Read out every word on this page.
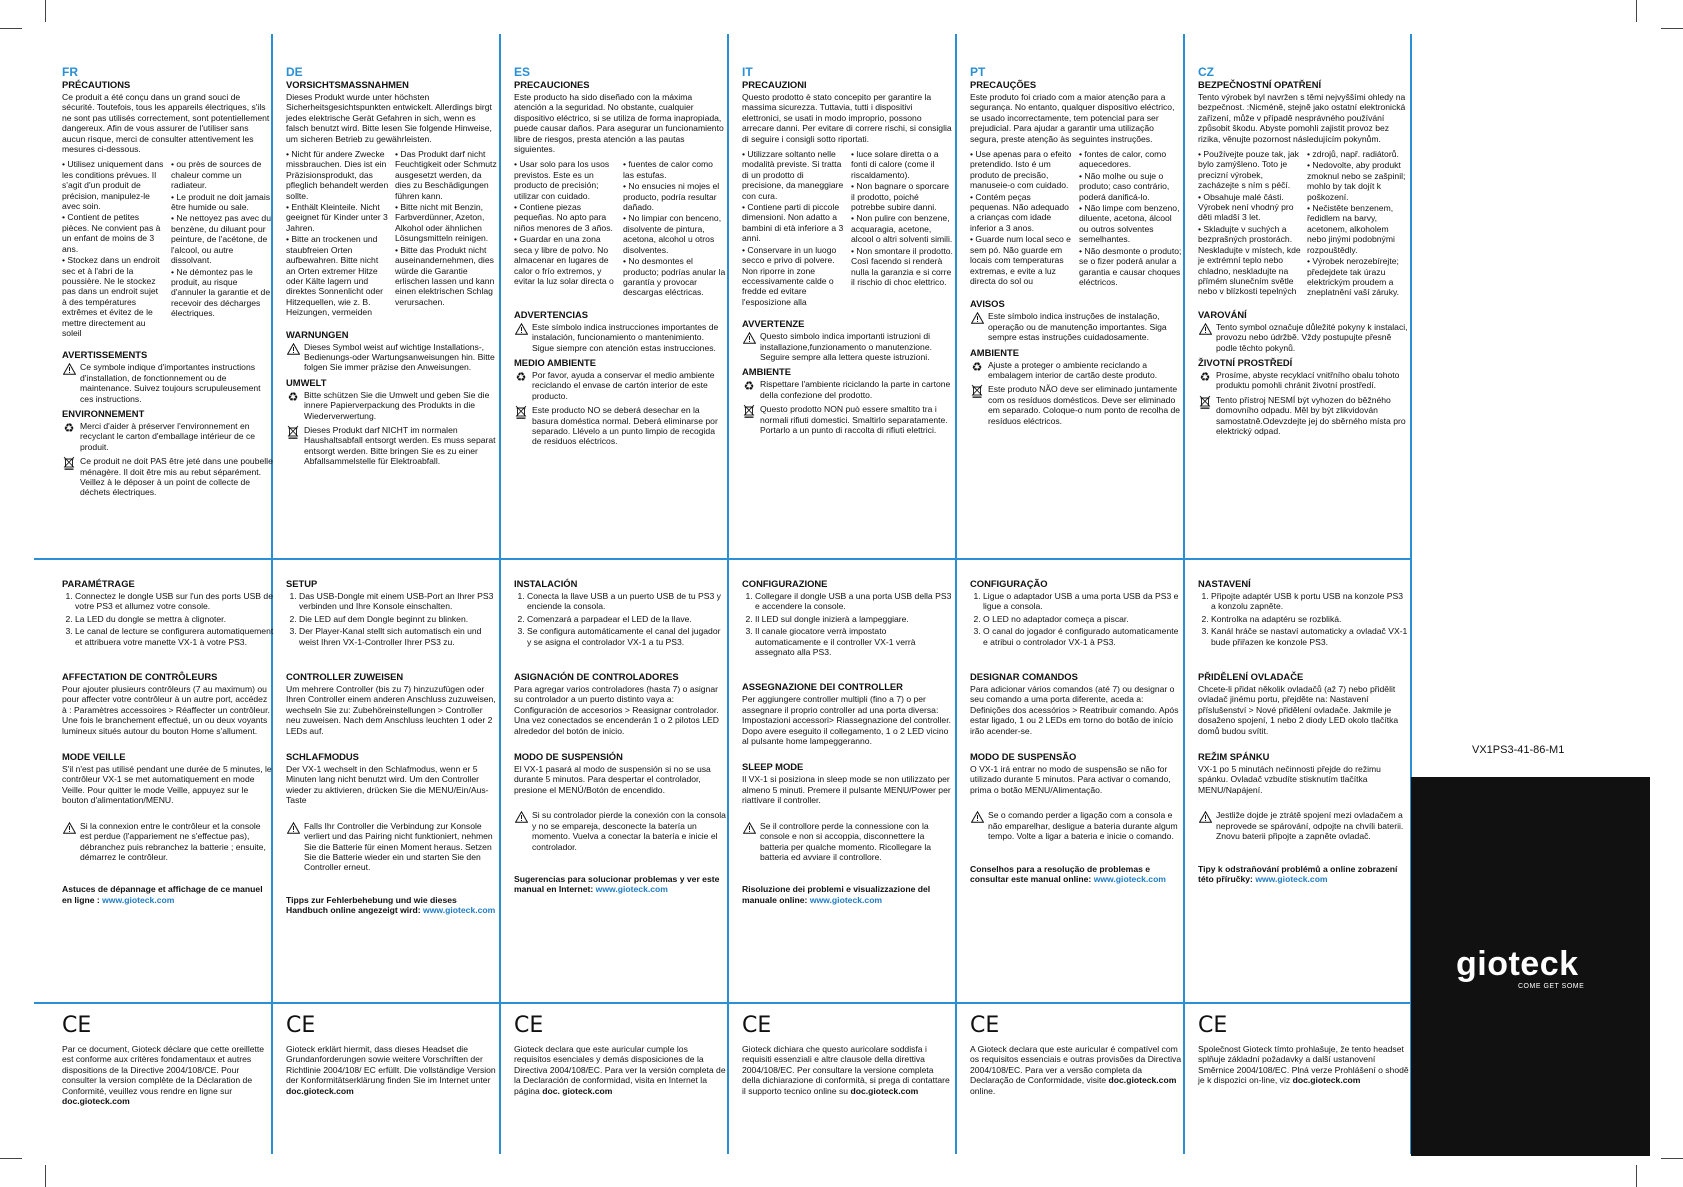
FR
PRÉCAUTIONS
Ce produit a été conçu dans un grand souci de sécurité. Toutefois, tous les appareils électriques, s'ils ne sont pas utilisés correctement, sont potentiellement dangereux. Afin de vous assurer de l'utiliser sans aucun risque, merci de consulter attentivement les mesures ci-dessous.
• Utilisez uniquement dans les conditions prévues. Il s'agit d'un produit de précision, manipulez-le avec soin.
• Contient de petites pièces. Ne convient pas à un enfant de moins de 3 ans.
• Stockez dans un endroit sec et à l'abri de la poussière. Ne le stockez pas dans un endroit sujet à des températures extrêmes et évitez de le mettre directement au soleil
• ou près de sources de chaleur comme un radiateur.
• Le produit ne doit jamais être humide ou sale.
• Ne nettoyez pas avec du benzène, du diluant pour peinture, de l'acétone, de l'alcool, ou autre dissolvant.
• Ne démontez pas le produit, au risque d'annuler la garantie et de recevoir des décharges électriques.
AVERTISSEMENTS
Ce symbole indique d'importantes instructions d'installation, de fonctionnement ou de maintenance. Suivez toujours scrupuleusement ces instructions.
ENVIRONNEMENT
♻ Merci d'aider à préserver l'environnement en recyclant le carton d'emballage intérieur de ce produit.
Ce produit ne doit PAS être jeté dans une poubelle ménagère. Il doit être mis au rebut séparément. Veillez à le déposer à un point de collecte de déchets électriques.
PARAMÉTRAGE
1. Connectez le dongle USB sur l'un des ports USB de votre PS3 et allumez votre console.
2. La LED du dongle se mettra à clignoter.
3. Le canal de lecture se configurera automatiquement et attribuera votre manette VX-1 à votre PS3.
AFFECTATION DE CONTRÔLEURS
Pour ajouter plusieurs contrôleurs (7 au maximum) ou pour affecter votre contrôleur à un autre port, accédez à : Paramètres accessoires > Réaffecter un contrôleur. Une fois le branchement effectué, un ou deux voyants lumineux situés autour du bouton Home s'allument.
MODE VEILLE
S'il n'est pas utilisé pendant une durée de 5 minutes, le contrôleur VX-1 se met automatiquement en mode Veille. Pour quitter le mode Veille, appuyez sur le bouton d'alimentation/MENU.
Si la connexion entre le contrôleur et la console est perdue (l'appariement ne s'effectue pas), débranchez puis rebranchez la batterie ; ensuite, démarrez le contrôleur.
Astuces de dépannage et affichage de ce manuel en ligne : www.gioteck.com
CE
Par ce document, Gioteck déclare que cette oreillette est conforme aux critères fondamentaux et autres dispositions de la Directive 2004/108/CE. Pour consulter la version complète de la Déclaration de Conformité, veuillez vous rendre en ligne sur doc.gioteck.com
DE
VORSICHTSMASSNAHMEN
Dieses Produkt wurde unter höchsten Sicherheitsgesichtspunkten entwickelt. Allerdings birgt jedes elektrische Gerät Gefahren in sich, wenn es falsch benutzt wird. Bitte lesen Sie folgende Hinweise, um sicheren Betrieb zu gewährleisten.
• Nicht für andere Zwecke missbrauchen. Dies ist ein Präzisionsprodukt, das pfleglich behandelt werden sollte.
• Enthält Kleinteile. Nicht geeignet für Kinder unter 3 Jahren.
• Bitte an trockenen und staubfreien Orten aufbewahren. Bitte nicht an Orten extremer Hitze oder Kälte lagern und direktes Sonnenlicht oder Hitzequellen, wie z. B. Heizungen, vermeiden
• Das Produkt darf nicht Feuchtigkeit oder Schmutz ausgesetzt werden, da dies zu Beschädigungen führen kann.
• Bitte nicht mit Benzin, Farbverdünner, Azeton, Alkohol oder ähnlichen Lösungsmitteln reinigen.
• Bitte das Produkt nicht auseinandernehmen, dies würde die Garantie erlischen lassen und kann einen elektrischen Schlag verursachen.
WARNUNGEN
Dieses Symbol weist auf wichtige Installations-, Bedienungs-oder Wartungsanweisungen hin. Bitte folgen Sie immer präzise den Anweisungen.
UMWELT
♻ Bitte schützen Sie die Umwelt und geben Sie die innere Papierverpackung des Produkts in die Wiederverwertung.
Dieses Produkt darf NICHT im normalen Haushaltsabfall entsorgt werden. Es muss separat entsorgt werden. Bitte bringen Sie es zu einer Abfallsammelstelle für Elektroabfall.
SETUP
1. Das USB-Dongle mit einem USB-Port an Ihrer PS3 verbinden und Ihre Konsole einschalten.
2. Die LED auf dem Dongle beginnt zu blinken.
3. Der Player-Kanal stellt sich automatisch ein und weist Ihren VX-1-Controller Ihrer PS3 zu.
CONTROLLER ZUWEISEN
Um mehrere Controller (bis zu 7) hinzuzufügen oder Ihren Controller einem anderen Anschluss zuzuweisen, wechseln Sie zu: Zubehöreinstellungen > Controller neu zuweisen. Nach dem Anschluss leuchten 1 oder 2 LEDs auf.
SCHLAFMODUS
Der VX-1 wechselt in den Schlafmodus, wenn er 5 Minuten lang nicht benutzt wird. Um den Controller wieder zu aktivieren, drücken Sie die MENU/Ein/Aus-Taste
Falls Ihr Controller die Verbindung zur Konsole verliert und das Pairing nicht funktioniert, nehmen Sie die Batterie für einen Moment heraus. Setzen Sie die Batterie wieder ein und starten Sie den Controller erneut.
Tipps zur Fehlerbehebung und wie dieses Handbuch online angezeigt wird: www.gioteck.com
CE
Gioteck erklärt hiermit, dass dieses Headset die Grundanforderungen sowie weitere Vorschriften der Richtlinie 2004/108/ EC erfüllt. Die vollständige Version der Konformitätserklärung finden Sie im Internet unter doc.gioteck.com
ES
PRECAUCIONES
Este producto ha sido diseñado con la máxima atención a la seguridad. No obstante, cualquier dispositivo eléctrico, si se utiliza de forma inapropiada, puede causar daños. Para asegurar un funcionamiento libre de riesgos, presta atención a las pautas siguientes.
• Usar solo para los usos previstos. Este es un producto de precisión; utilizar con cuidado.
• Contiene piezas pequeñas. No apto para niños menores de 3 años.
• Guardar en una zona seca y libre de polvo. No almacenar en lugares de calor o frío extremos, y evitar la luz solar directa o
• fuentes de calor como las estufas.
• No ensucies ni mojes el producto, podría resultar dañado.
• No limpiar con benceno, disolvente de pintura, acetona, alcohol u otros disolventes.
• No desmontes el producto; podrías anular la garantía y provocar descargas eléctricas.
ADVERTENCIAS
Este símbolo indica instrucciones importantes de instalación, funcionamiento o mantenimiento. Sigue siempre con atención estas instrucciones.
MEDIO AMBIENTE
♻ Por favor, ayuda a conservar el medio ambiente reciclando el envase de cartón interior de este producto.
Este producto NO se deberá desechar en la basura doméstica normal. Deberá eliminarse por separado. Llévelo a un punto limpio de recogida de residuos eléctricos.
INSTALACIÓN
1. Conecta la llave USB a un puerto USB de tu PS3 y enciende la consola.
2. Comenzará a parpadear el LED de la llave.
3. Se configura automáticamente el canal del jugador y se asigna el controlador VX-1 a tu PS3.
ASIGNACIÓN DE CONTROLADORES
Para agregar varios controladores (hasta 7) o asignar su controlador a un puerto distinto vaya a: Configuración de accesorios > Reasignar controlador. Una vez conectados se encenderán 1 o 2 pilotos LED alrededor del botón de inicio.
MODO DE SUSPENSIÓN
El VX-1 pasará al modo de suspensión si no se usa durante 5 minutos. Para despertar el controlador, presione el MENÚ/Botón de encendido.
Si su controlador pierde la conexión con la consola y no se empareja, desconecte la batería un momento. Vuelva a conectar la batería e inicie el controlador.
Sugerencias para solucionar problemas y ver este manual en Internet: www.gioteck.com
CE
Gioteck declara que este auricular cumple los requisitos esenciales y demás disposiciones de la Directiva 2004/108/EC. Para ver la versión completa de la Declaración de conformidad, visita en Internet la página doc. gioteck.com
IT
PRECAUZIONI
Questo prodotto è stato concepito per garantire la massima sicurezza. Tuttavia, tutti i dispositivi elettronici, se usati in modo improprio, possono arrecare danni. Per evitare di correre rischi, si consiglia di seguire i consigli sotto riportati.
• Utilizzare soltanto nelle modalità previste. Si tratta di un prodotto di precisione, da maneggiare con cura.
• Contiene parti di piccole dimensioni. Non adatto a bambini di età inferiore a 3 anni.
• Conservare in un luogo secco e privo di polvere. Non riporre in zone eccessivamente calde o fredde ed evitare l'esposizione alla
• luce solare diretta o a fonti di calore (come il riscaldamento).
• Non bagnare o sporcare il prodotto, poiché potrebbe subire danni.
• Non pulire con benzene, acquaragia, acetone, alcool o altri solventi simili.
• Non smontare il prodotto. Così facendo si renderà nulla la garanzia e si corre il rischio di choc elettrico.
AVVERTENZE
Questo simbolo indica importanti istruzioni di installazione,funzionamento o manutenzione. Seguire sempre alla lettera queste istruzioni.
AMBIENTE
♻ Rispettare l'ambiente riciclando la parte in cartone della confezione del prodotto.
Questo prodotto NON può essere smaltito tra i normali rifiuti domestici. Smaltirlo separatamente. Portarlo a un punto di raccolta di rifiuti elettrici.
CONFIGURAZIONE
1. Collegare il dongle USB a una porta USB della PS3 e accendere la console.
2. Il LED sul dongle inizierà a lampeggiare.
3. Il canale giocatore verrà impostato automaticamente e il controller VX-1 verrà assegnato alla PS3.
ASSEGNAZIONE DEI CONTROLLER
Per aggiungere controller multipli (fino a 7) o per assegnare il proprio controller ad una porta diversa: Impostazioni accessori> Riassegnazione del controller. Dopo avere eseguito il collegamento, 1 o 2 LED vicino al pulsante home lampeggeranno.
SLEEP MODE
Il VX-1 si posiziona in sleep mode se non utilizzato per almeno 5 minuti. Premere il pulsante MENU/Power per riattivare il controller.
Se il controllore perde la connessione con la console e non si accoppia, disconnettere la batteria per qualche momento. Ricollegare la batteria ed avviare il controllore.
Risoluzione dei problemi e visualizzazione del manuale online: www.gioteck.com
CE
Gioteck dichiara che questo auricolare soddisfa i requisiti essenziali e altre clausole della direttiva 2004/108/EC. Per consultare la versione completa della dichiarazione di conformità, si prega di contattare il supporto tecnico online su doc.gioteck.com
PT
PRECAUÇÕES
Este produto foi criado com a maior atenção para a segurança. No entanto, qualquer dispositivo eléctrico, se usado incorrectamente, tem potencial para ser prejudicial. Para ajudar a garantir uma utilização segura, preste atenção às seguintes instruções.
• Use apenas para o efeito pretendido. Isto é um produto de precisão, manuseie-o com cuidado.
• Contém peças pequenas. Não adequado a crianças com idade inferior a 3 anos.
• Guarde num local seco e sem pó. Não guarde em locais com temperaturas extremas, e evite a luz directa do sol ou
• fontes de calor, como aquecedores.
• Não molhe ou suje o produto; caso contrário, poderá danificá-lo.
• Não limpe com benzeno, diluente, acetona, álcool ou outros solventes semelhantes.
• Não desmonte o produto; se o fizer poderá anular a garantia e causar choques eléctricos.
AVISOS
Este símbolo indica instruções de instalação, operação ou de manutenção importantes. Siga sempre estas instruções cuidadosamente.
AMBIENTE
♻ Ajuste a proteger o ambiente reciclando a embalagem interior de cartão deste produto.
Este produto NÃO deve ser eliminado juntamente com os resíduos domésticos. Deve ser eliminado em separado. Coloque-o num ponto de recolha de resíduos eléctricos.
CONFIGURAÇÃO
1. Ligue o adaptador USB a uma porta USB da PS3 e ligue a consola.
2. O LED no adaptador começa a piscar.
3. O canal do jogador é configurado automaticamente e atribui o controlador VX-1 à PS3.
DESIGNAR COMANDOS
Para adicionar vários comandos (até 7) ou designar o seu comando a uma porta diferente, aceda a: Definições dos acessórios > Reatribuir comando. Após estar ligado, 1 ou 2 LEDs em torno do botão de início irão acender-se.
MODO DE SUSPENSÃO
O VX-1 irá entrar no modo de suspensão se não for utilizado durante 5 minutos. Para activar o comando, prima o botão MENU/Alimentação.
Se o comando perder a ligação com a consola e não emparelhar, desligue a bateria durante algum tempo. Volte a ligar a bateria e inicie o comando.
Conselhos para a resolução de problemas e consultar este manual online: www.gioteck.com
CE
A Gioteck declara que este auricular é compatível com os requisitos essenciais e outras provisões da Directiva 2004/108/EC. Para ver a versão completa da Declaração de Conformidade, visite doc.gioteck.com online.
CZ
BEZPEČNOSTNÍ OPATŘENÍ
Tento výrobek byl navržen s těmi nejvyššími ohledy na bezpečnost. :Nicméně, stejně jako ostatní elektronická zařízení, může v případě nesprávného používání způsobit škodu. Abyste pomohli zajistit provoz bez rizika, věnujte pozornost následujícím pokynům.
• Používejte pouze tak, jak bylo zamýšleno. Toto je precizní výrobek, zacházejte s ním s péčí.
• Obsahuje malé části. Výrobek není vhodný pro děti mladší 3 let.
• Skladujte v suchých a bezprašných prostorách. Neskladujte v místech, kde je extrémní teplo nebo chladno, neskladujte na přímém slunečním světle nebo v blízkosti tepelných
• zdrojů, např. radiátorů.
• Nedovolte, aby produkt zmoknul nebo se zašpinil; mohlo by tak dojít k poškození.
• Nečistěte benzenem, ředidlem na barvy, acetonem, alkoholem nebo jinými podobnými rozpouštědly.
• Výrobek nerozebírejte; předejdete tak úrazu elektrickým proudem a zneplatnění vaší záruky.
VAROVÁNÍ
Tento symbol označuje důležité pokyny k instalaci, provozu nebo údržbě. Vždy postupujte přesně podle těchto pokynů.
ŽIVOTNÍ PROSTŘEDÍ
♻ Prosíme, abyste recyklací vnitřního obalu tohoto produktu pomohli chránit životní prostředí.
Tento přístroj NESMÍ být vyhozen do běžného domovního odpadu. Měl by být zlikvidován samostatně.Odevzdejte jej do sběrného místa pro elektrický odpad.
NASTAVENÍ
1. Připojte adaptér USB k portu USB na konzole PS3 a konzolu zapněte.
2. Kontrolka na adaptéru se rozbliká.
3. Kanál hráče se nastaví automaticky a ovladač VX-1 bude přiřazen ke konzole PS3.
PŘIDĚLENÍ OVLADAČE
Chcete-li přidat několik ovladačů (až 7) nebo přidělit ovladač jinému portu, přejděte na: Nastavení příslušenství > Nové přidělení ovladače. Jakmile je dosaženo spojení, 1 nebo 2 diody LED okolo tlačítka domů budou svítit.
REŽIM SPÁNKU
VX-1 po 5 minutách nečinnosti přejde do režimu spánku. Ovladač vzbudíte stisknutím tlačítka MENU/Napájení.
Jestliže dojde je ztrátě spojení mezi ovladačem a neprovede se spárování, odpojte na chvíli baterii. Znovu baterii připojte a zapněte ovladač.
Tipy k odstraňování problémů a online zobrazení této příručky: www.gioteck.com
CE
Společnost Gioteck tímto prohlašuje, že tento headset splňuje základní požadavky a další ustanovení Směrnice 2004/108/EC. Plná verze Prohlášení o shodě je k dispozici on-line, viz doc.gioteck.com
VX1PS3-41-86-M1
gioteck
COME GET SOME
